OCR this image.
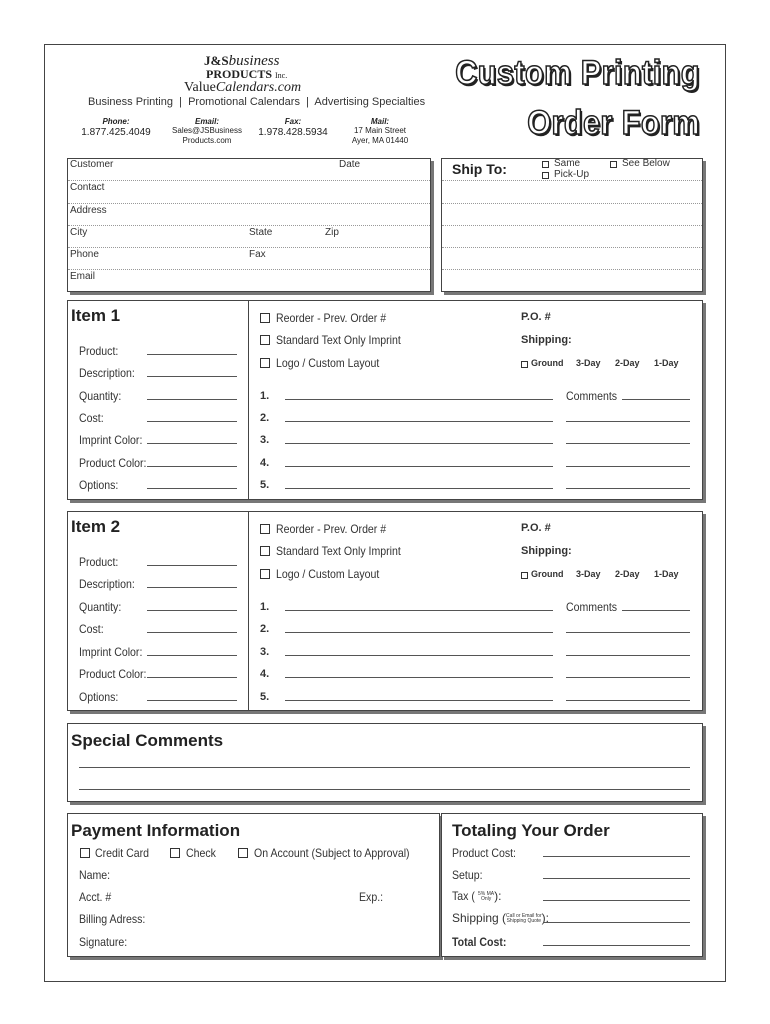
J&Sbusiness
PRODUCTS Inc.
ValueCalendars.com
Business Printing  |  Promotional Calendars  |  Advertising Specialties
Phone:
1.877.425.4049
Email:
Sales@JSBusiness
Products.com
Fax:
1.978.428.5934
Mail:
17 Main Street
Ayer, MA 01440
Custom Printing
Order Form
Customer	Date
Contact
Address
City	State	Zip
Phone	Fax
Email
Ship To:	Same	See Below
Pick-Up
Item 1
Product:
Description:
Quantity:
Cost:
Imprint Color:
Product Color:
Options:
Reorder - Prev. Order #
Standard Text Only Imprint
Logo / Custom Layout
P.O. #
Shipping:
Ground 3-Day 2-Day 1-Day
Comments
1.
2.
3.
4.
5.
Item 2
Product:
Description:
Quantity:
Cost:
Imprint Color:
Product Color:
Options:
Reorder - Prev. Order #
Standard Text Only Imprint
Logo / Custom Layout
P.O. #
Shipping:
Ground 3-Day 2-Day 1-Day
Comments
1.
2.
3.
4.
5.
Special Comments
Payment Information
Credit Card	Check	On Account (Subject to Approval)
Name:
Acct. #	Exp.:
Billing Adress:
Signature:
Totaling Your Order
Product Cost:
Setup:
Tax ( 5% MA
Only ):
Shipping (Call or Email for
Shipping Quote):
Total Cost:
